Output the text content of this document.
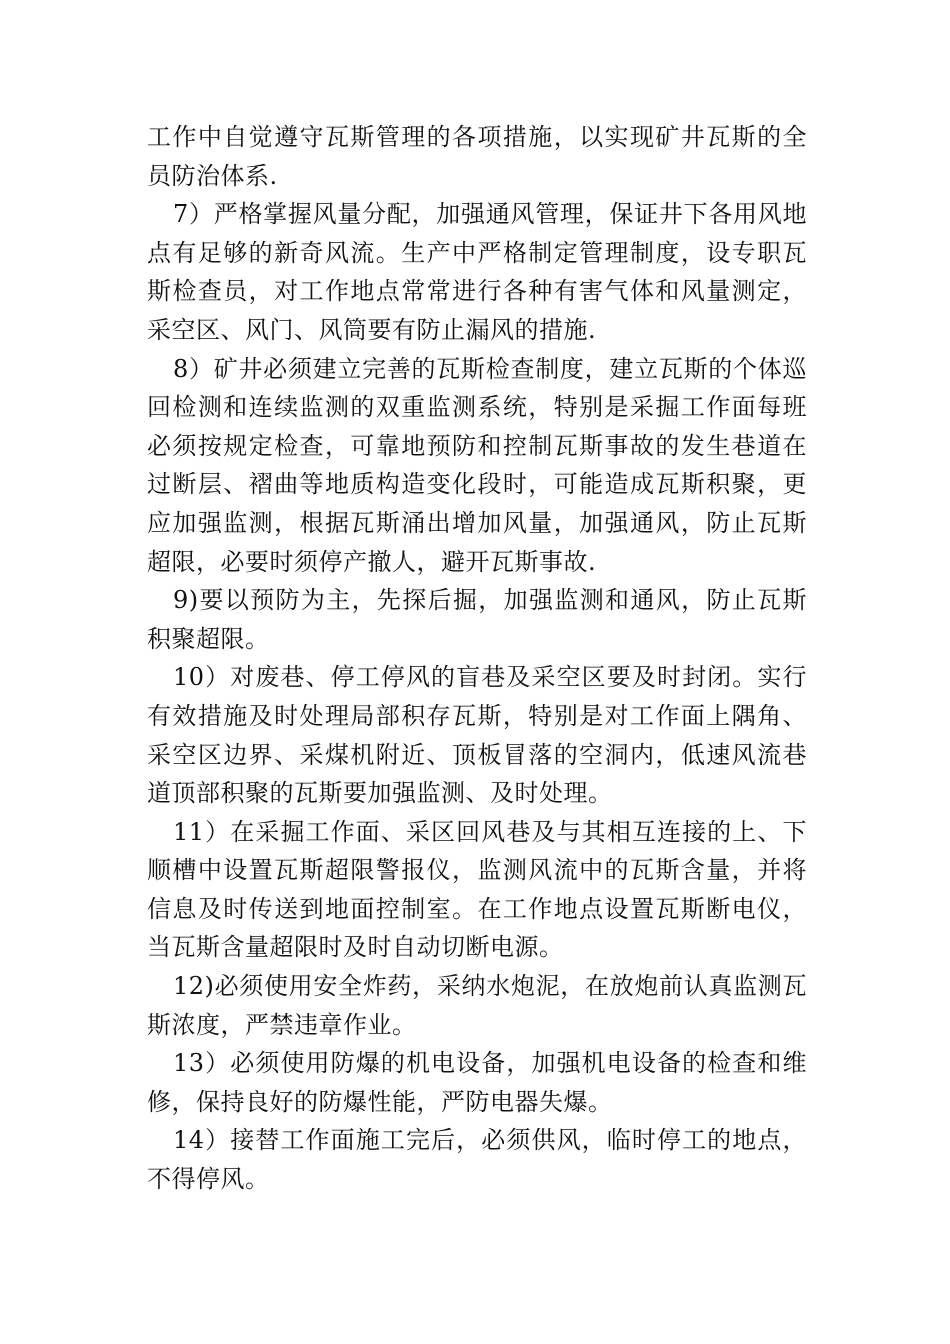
工作中自觉遵守瓦斯管理的各项措施，以实现矿井瓦斯的全员防治体系.

7）严格掌握风量分配，加强通风管理，保证井下各用风地点有足够的新奇风流。生产中严格制定管理制度，设专职瓦斯检查员，对工作地点常常进行各种有害气体和风量测定，采空区、风门、风筒要有防止漏风的措施.

8）矿井必须建立完善的瓦斯检查制度，建立瓦斯的个体巡回检测和连续监测的双重监测系统，特别是采掘工作面每班必须按规定检查，可靠地预防和控制瓦斯事故的发生巷道在过断层、褶曲等地质构造变化段时，可能造成瓦斯积聚，更应加强监测，根据瓦斯涌出增加风量，加强通风，防止瓦斯超限，必要时须停产撤人，避开瓦斯事故.

9)要以预防为主，先探后掘，加强监测和通风，防止瓦斯积聚超限。

10）对废巷、停工停风的盲巷及采空区要及时封闭。实行有效措施及时处理局部积存瓦斯，特别是对工作面上隅角、采空区边界、采煤机附近、顶板冒落的空洞内，低速风流巷道顶部积聚的瓦斯要加强监测、及时处理。

11）在采掘工作面、采区回风巷及与其相互连接的上、下顺槽中设置瓦斯超限警报仪，监测风流中的瓦斯含量，并将信息及时传送到地面控制室。在工作地点设置瓦斯断电仪，当瓦斯含量超限时及时自动切断电源。

12)必须使用安全炸药，采纳水炮泥，在放炮前认真监测瓦斯浓度，严禁违章作业。

13）必须使用防爆的机电设备，加强机电设备的检查和维修，保持良好的防爆性能，严防电器失爆。

14）接替工作面施工完后，必须供风，临时停工的地点，不得停风。
